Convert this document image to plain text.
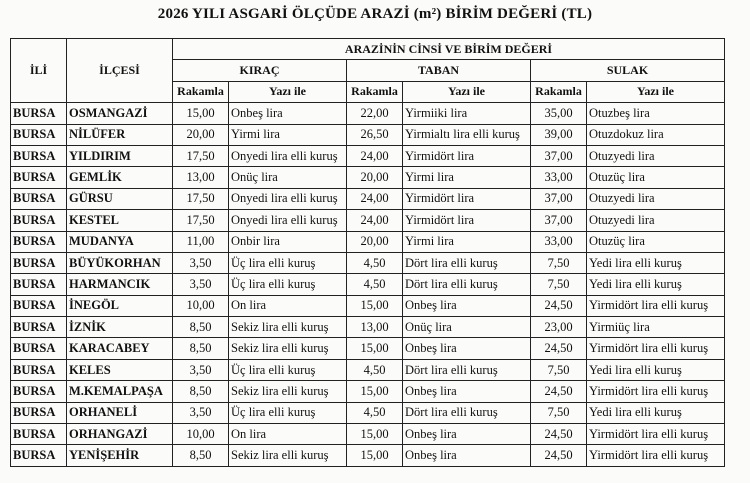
2026 YILI ASGARİ ÖLÇÜDE ARAZİ (m²) BİRİM DEĞERİ (TL)
İLİ	İLÇESİ	ARAZİNİN CİNSİ VE BİRİM DEĞERİ					
		KIRAÇ		TABAN		SULAK	
		Rakamla	Yazı ile	Rakamla	Yazı ile	Rakamla	Yazı ile
BURSA	OSMANGAZİ	15,00	Onbeş lira	22,00	Yirmiiki lira	35,00	Otuzbeş lira
BURSA	NİLÜFER	20,00	Yirmi lira	26,50	Yirmialtı lira elli kuruş	39,00	Otuzdokuz lira
BURSA	YILDIRIM	17,50	Onyedi lira elli kuruş	24,00	Yirmidört lira	37,00	Otuzyedi lira
BURSA	GEMLİK	13,00	Onüç lira	20,00	Yirmi lira	33,00	Otuzüç lira
BURSA	GÜRSU	17,50	Onyedi lira elli kuruş	24,00	Yirmidört lira	37,00	Otuzyedi lira
BURSA	KESTEL	17,50	Onyedi lira elli kuruş	24,00	Yirmidört lira	37,00	Otuzyedi lira
BURSA	MUDANYA	11,00	Onbir lira	20,00	Yirmi lira	33,00	Otuzüç lira
BURSA	BÜYÜKORHAN	3,50	Üç lira elli kuruş	4,50	Dört lira elli kuruş	7,50	Yedi lira elli kuruş
BURSA	HARMANCIK	3,50	Üç lira elli kuruş	4,50	Dört lira elli kuruş	7,50	Yedi lira elli kuruş
BURSA	İNEGÖL	10,00	On lira	15,00	Onbeş lira	24,50	Yirmidört lira elli kuruş
BURSA	İZNİK	8,50	Sekiz lira elli kuruş	13,00	Onüç lira	23,00	Yirmiüç lira
BURSA	KARACABEY	8,50	Sekiz lira elli kuruş	15,00	Onbeş lira	24,50	Yirmidört lira elli kuruş
BURSA	KELES	3,50	Üç lira elli kuruş	4,50	Dört lira elli kuruş	7,50	Yedi lira elli kuruş
BURSA	M.KEMALPAŞA	8,50	Sekiz lira elli kuruş	15,00	Onbeş lira	24,50	Yirmidört lira elli kuruş
BURSA	ORHANELİ	3,50	Üç lira elli kuruş	4,50	Dört lira elli kuruş	7,50	Yedi lira elli kuruş
BURSA	ORHANGAZİ	10,00	On lira	15,00	Onbeş lira	24,50	Yirmidört lira elli kuruş
BURSA	YENİŞEHİR	8,50	Sekiz lira elli kuruş	15,00	Onbeş lira	24,50	Yirmidört lira elli kuruş
